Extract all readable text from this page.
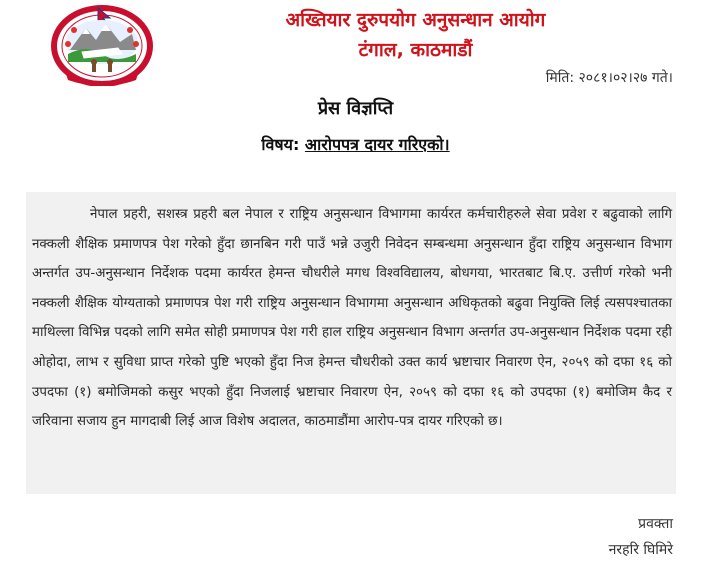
अख्तियार दुरुपयोग अनुसन्धान आयोग
टंगाल, काठमाडौं
मिति: २०८१।०२।२७ गते।
प्रेस विज्ञप्ति
विषय: आरोपपत्र दायर गरिएको।

नेपाल प्रहरी, सशस्त्र प्रहरी बल नेपाल र राष्ट्रिय अनुसन्धान विभागमा कार्यरत कर्मचारीहरुले सेवा प्रवेश र बढुवाको लागि नक्कली शैक्षिक प्रमाणपत्र पेश गरेको हुँदा छानबिन गरी पाउँ भन्ने उजुरी निवेदन सम्बन्धमा अनुसन्धान हुँदा राष्ट्रिय अनुसन्धान विभाग अन्तर्गत उप-अनुसन्धान निर्देशक पदमा कार्यरत हेमन्त चौधरीले मगध विश्वविद्यालय, बोधगया, भारतबाट बि.ए. उत्तीर्ण गरेको भनी नक्कली शैक्षिक योग्यताको प्रमाणपत्र पेश गरी राष्ट्रिय अनुसन्धान विभागमा अनुसन्धान अधिकृतको बढुवा नियुक्ति लिई त्यसपश्चातका माथिल्ला विभिन्न पदको लागि समेत सोही प्रमाणपत्र पेश गरी हाल राष्ट्रिय अनुसन्धान विभाग अन्तर्गत उप-अनुसन्धान निर्देशक पदमा रही ओहोदा, लाभ र सुविधा प्राप्त गरेको पुष्टि भएको हुँदा निज हेमन्त चौधरीको उक्त कार्य भ्रष्टाचार निवारण ऐन, २०५९ को दफा १६ को उपदफा (१) बमोजिमको कसुर भएको हुँदा निजलाई भ्रष्टाचार निवारण ऐन, २०५९ को दफा १६ को उपदफा (१) बमोजिम कैद र जरिवाना सजाय हुन मागदाबी लिई आज विशेष अदालत, काठमाडौंमा आरोप-पत्र दायर गरिएको छ।

प्रवक्ता
नरहरि घिमिरे
